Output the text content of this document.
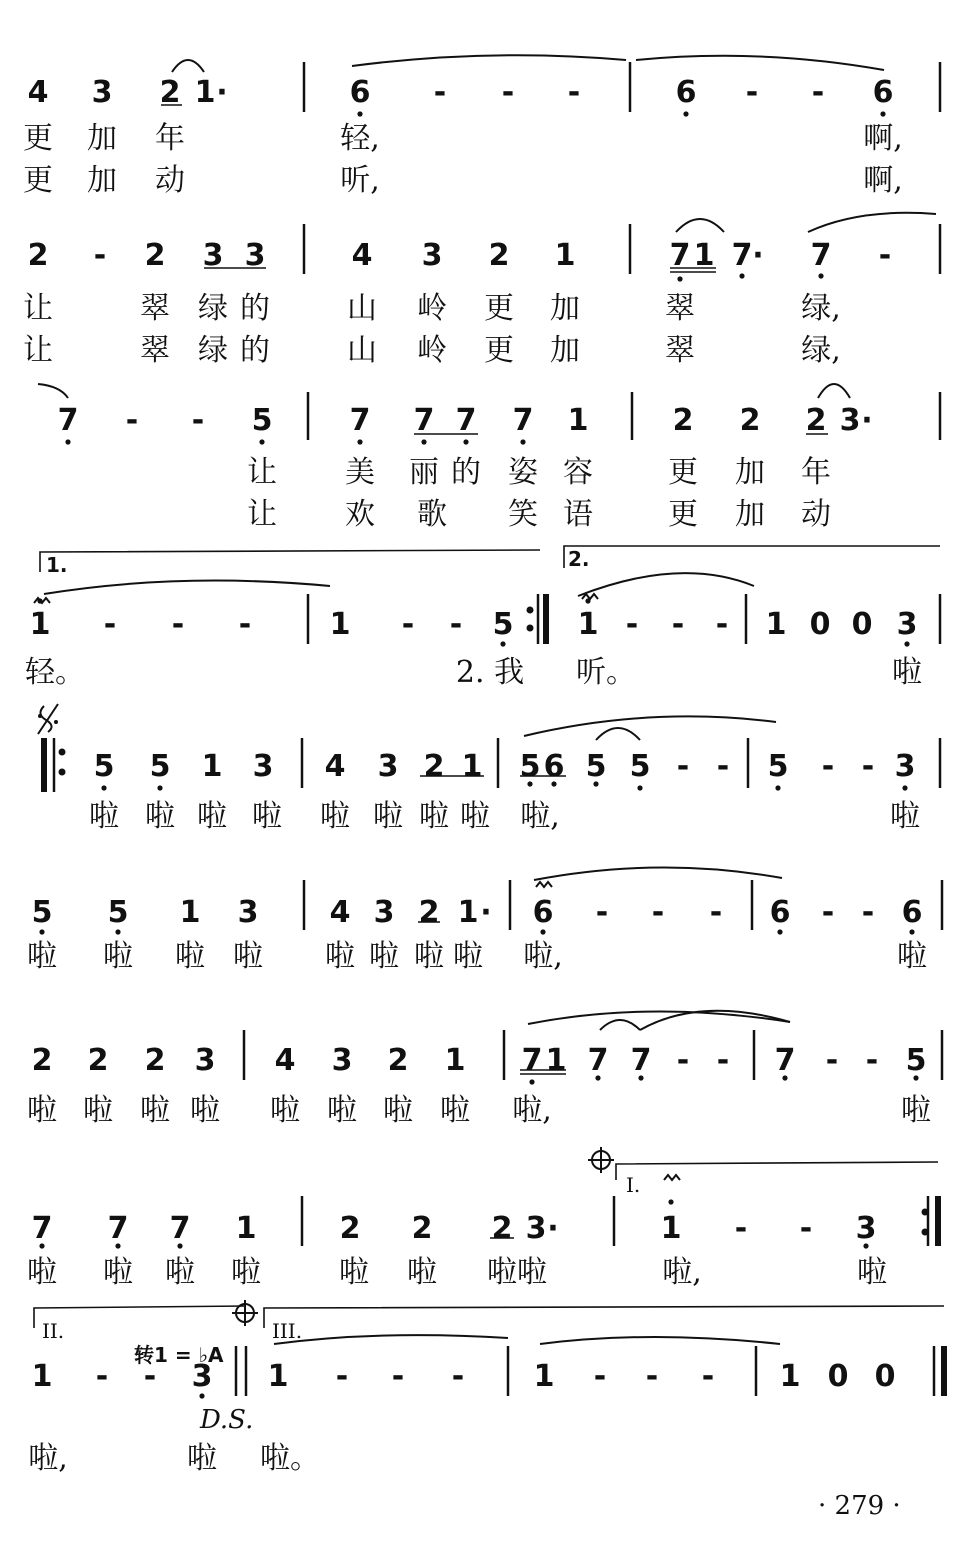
1.	2.
I.
II.	III.
转1 = ♭A
D.S.
· 279 ·
4 3 2 1 ·	6 - - -	6 - - 6
更 加 年	轻,	啊,
更 加 动	听,	啊,
2 - 2 3 3	4 3 2 1	7 1 7 · 7 -
让	翠 绿 的	山 岭 更 加	翠	绿,
让	翠 绿 的	山 岭 更 加	翠	绿,
7 - - 5	7 7 7 7 1	2 2 2 3 ·
让 美 丽 的 姿 容	更 加 年
让 欢 歌 笑 语	更 加 动
1 - - -	1 - - 5 1 - - - 1 0 0 3
轻。	2. 我 听。	啦
5 5 1 3 4 3 2 1 5 6 5 5 - - 5 - - 3
啦 啦 啦 啦 啦 啦 啦 啦 啦,	啦
5 5 1 3 4 3 2 1 · 6 - - - 6 - - 6
啦 啦 啦 啦 啦 啦 啦 啦 啦,	啦
2 2 2 3 4 3 2 1 7 1 7 7 - - 7 - - 5
啦 啦 啦 啦 啦 啦 啦 啦 啦,	啦
7 7 7 1	2 2 2 3 ·	1 - - 3
啦 啦 啦 啦	啦 啦 啦啦	啦,	啦
1 - - 3 1 - - - 1 - - - 1 0 0
啦,	啦 啦。
